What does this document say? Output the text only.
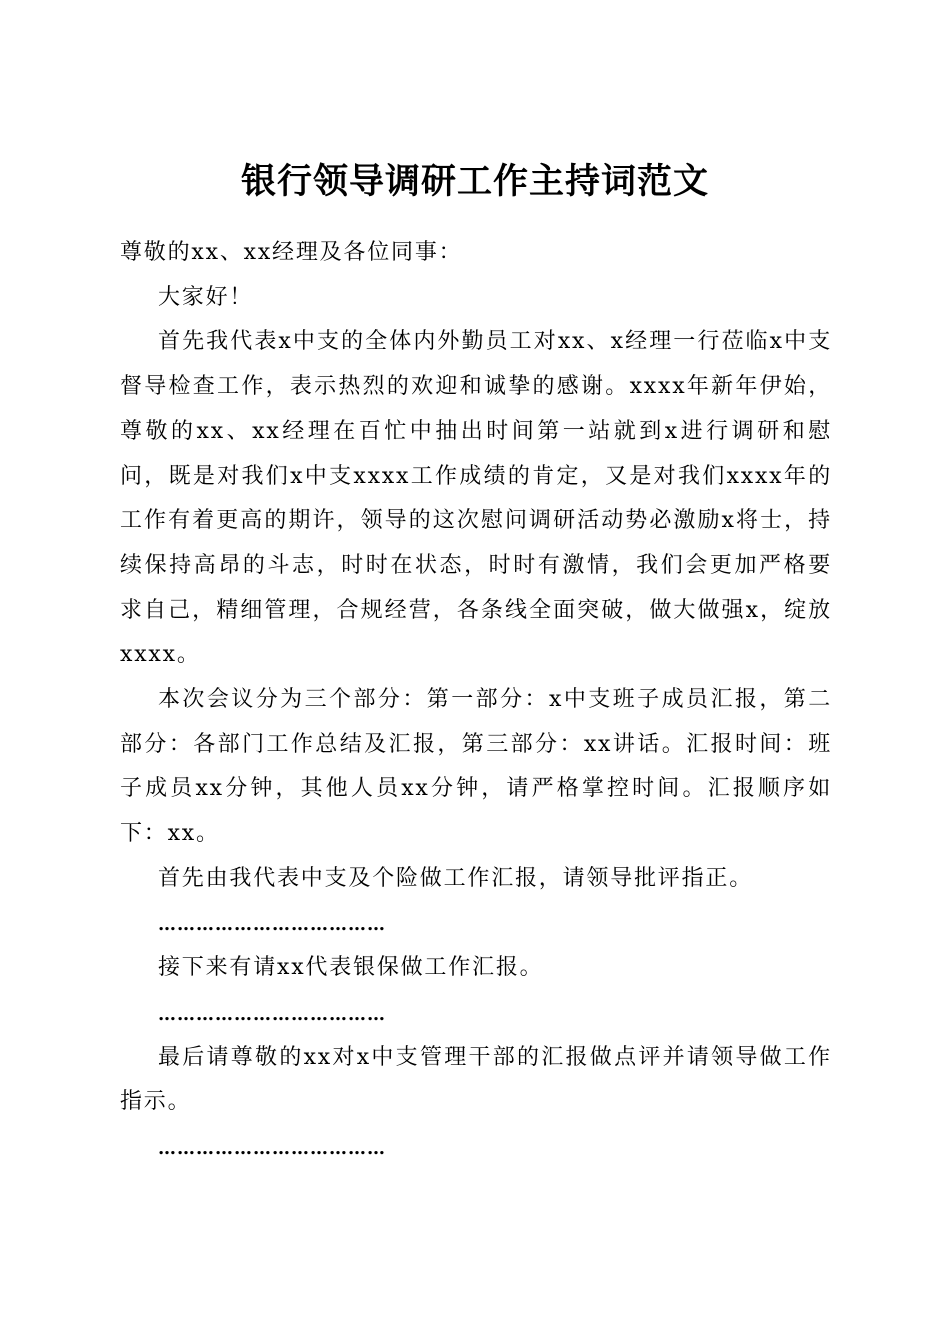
银行领导调研工作主持词范文

尊敬的xx、xx经理及各位同事：

大家好！

首先我代表x中支的全体内外勤员工对xx、x经理一行莅临x中支督导检查工作，表示热烈的欢迎和诚挚的感谢。xxxx年新年伊始，尊敬的xx、xx经理在百忙中抽出时间第一站就到x进行调研和慰问，既是对我们x中支xxxx工作成绩的肯定，又是对我们xxxx年的工作有着更高的期许，领导的这次慰问调研活动势必激励x将士，持续保持高昂的斗志，时时在状态，时时有激情，我们会更加严格要求自己，精细管理，合规经营，各条线全面突破，做大做强x，绽放xxxx。

本次会议分为三个部分：第一部分：x中支班子成员汇报，第二部分：各部门工作总结及汇报，第三部分：xx讲话。汇报时间：班子成员xx分钟，其他人员xx分钟，请严格掌控时间。汇报顺序如下：xx。

首先由我代表中支及个险做工作汇报，请领导批评指正。

………………………………

接下来有请xx代表银保做工作汇报。

………………………………

最后请尊敬的xx对x中支管理干部的汇报做点评并请领导做工作指示。

………………………………
